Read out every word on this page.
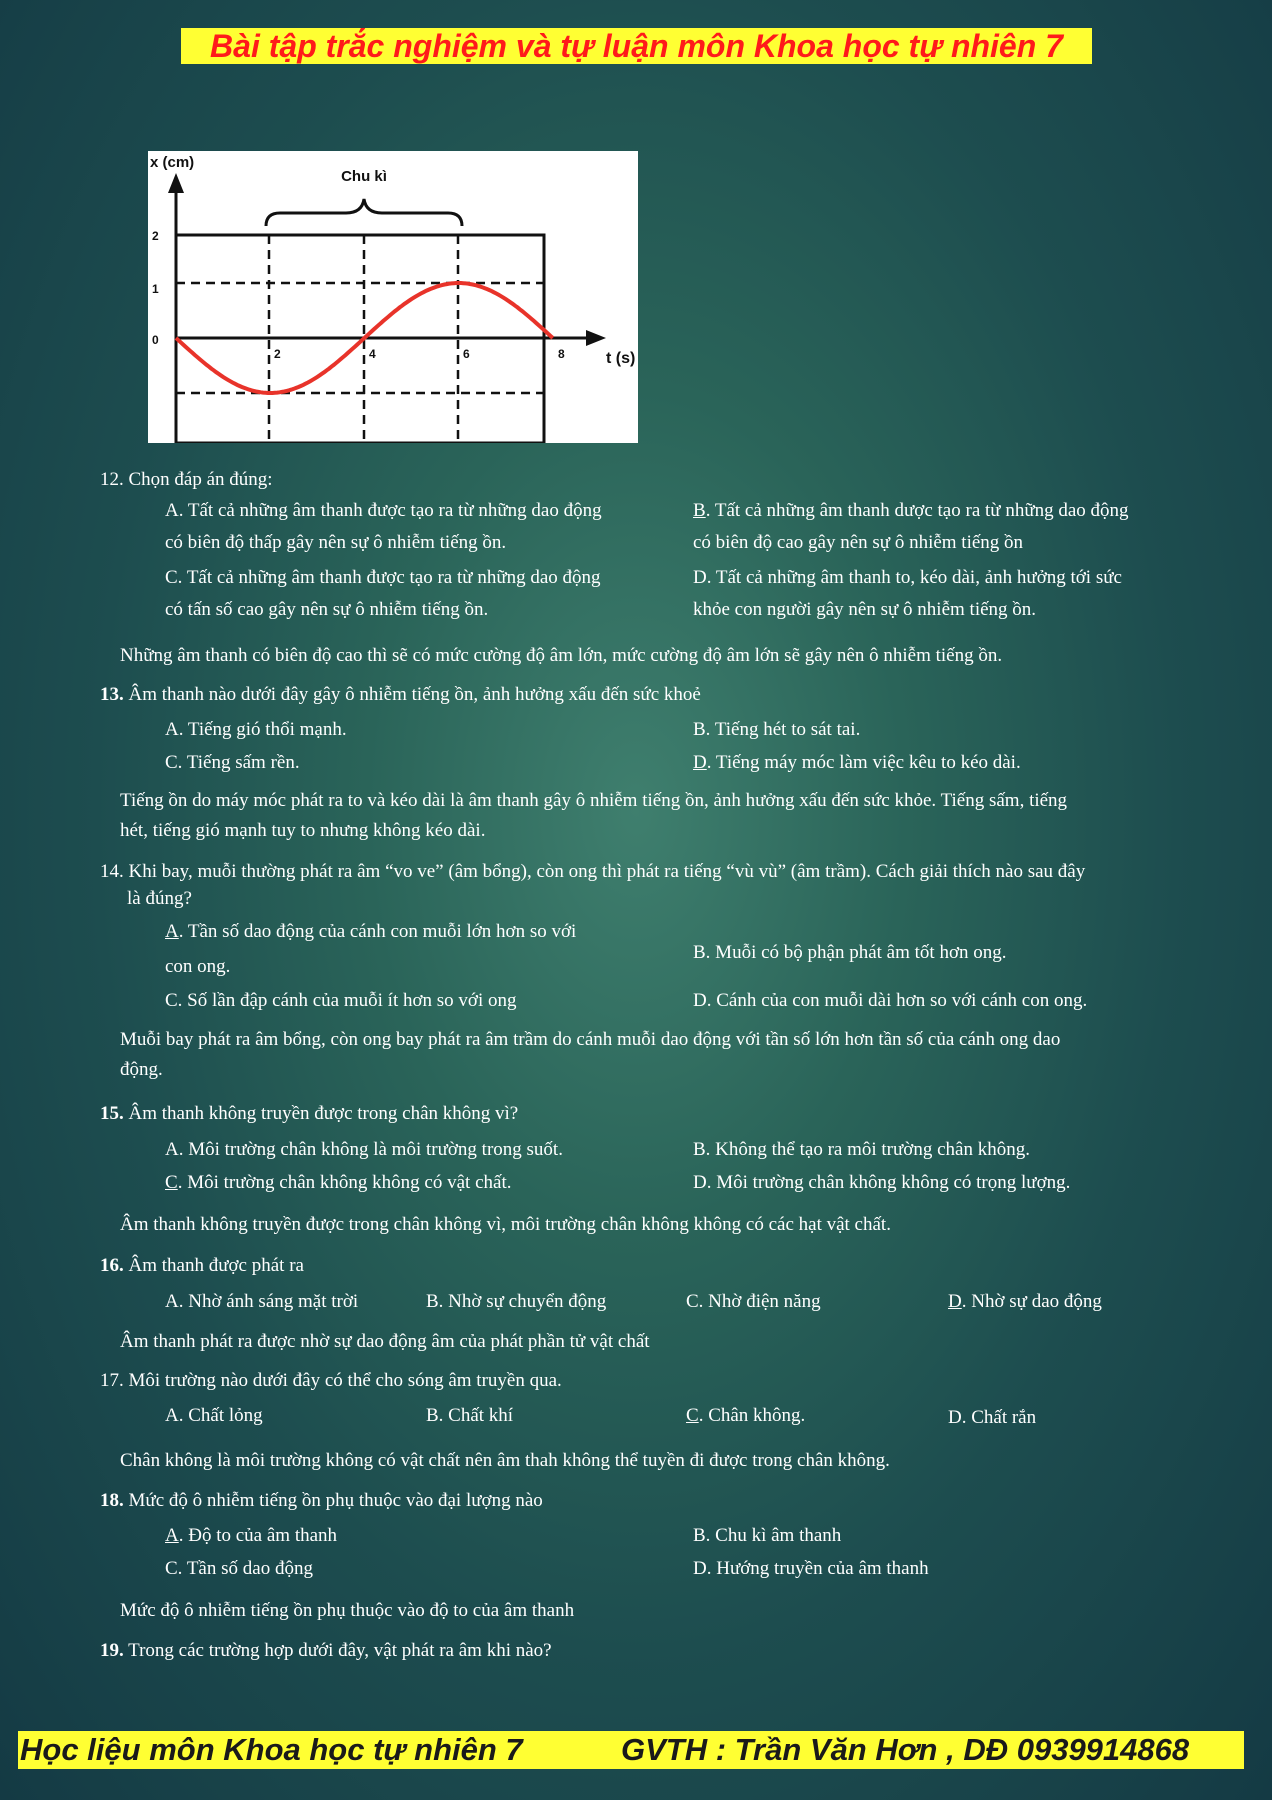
Bài tập trắc nghiệm và tự luận môn Khoa học tự nhiên 7
x (cm)
Chu kì
2
1
0
2	4	6	8	t (s)
12. Chọn đáp án đúng:
A. Tất cả những âm thanh được tạo ra từ những dao động
có biên độ thấp gây nên sự ô nhiễm tiếng ồn.
B. Tất cả những âm thanh dược tạo ra từ những dao động
có biên độ cao gây nên sự ô nhiễm tiếng ồn
C. Tất cả những âm thanh được tạo ra từ những dao động
có tấn số cao gây nên sự ô nhiễm tiếng ồn.
D. Tất cả những âm thanh to, kéo dài, ảnh hưởng tới sức
khỏe con người gây nên sự ô nhiễm tiếng ồn.
Những âm thanh có biên độ cao thì sẽ có mức cường độ âm lớn, mức cường độ âm lớn sẽ gây nên ô nhiễm tiếng ồn.
13. Âm thanh nào dưới đây gây ô nhiễm tiếng ồn, ảnh hưởng xấu đến sức khoẻ
A. Tiếng gió thổi mạnh.	B. Tiếng hét to sát tai.
C. Tiếng sấm rền.	D. Tiếng máy móc làm việc kêu to kéo dài.
Tiếng ồn do máy móc phát ra to và kéo dài là âm thanh gây ô nhiễm tiếng ồn, ảnh hưởng xấu đến sức khỏe. Tiếng sấm, tiếng
hét, tiếng gió mạnh tuy to nhưng không kéo dài.
14. Khi bay, muỗi thường phát ra âm “vo ve” (âm bổng), còn ong thì phát ra tiếng “vù vù” (âm trầm). Cách giải thích nào sau đây
là đúng?
A. Tần số dao động của cánh con muỗi lớn hơn so với
con ong.
B. Muỗi có bộ phận phát âm tốt hơn ong.
C. Số lần đập cánh của muỗi ít hơn so với ong	D. Cánh của con muỗi dài hơn so với cánh con ong.
Muỗi bay phát ra âm bổng, còn ong bay phát ra âm trầm do cánh muỗi dao động với tần số lớn hơn tần số của cánh ong dao
động.
15. Âm thanh không truyền được trong chân không vì?
A. Môi trường chân không là môi trường trong suốt.	B. Không thể tạo ra môi trường chân không.
C. Môi trường chân không không có vật chất.	D. Môi trường chân không không có trọng lượng.
Âm thanh không truyền được trong chân không vì, môi trường chân không không có các hạt vật chất.
16. Âm thanh được phát ra
A. Nhờ ánh sáng mặt trời	B. Nhờ sự chuyển động	C. Nhờ điện năng	D. Nhờ sự dao động
Âm thanh phát ra được nhờ sự dao động âm của phát phần tử vật chất
17. Môi trường nào dưới đây có thể cho sóng âm truyền qua.
A. Chất lỏng	B. Chất khí	C. Chân không.	D. Chất rắn
Chân không là môi trường không có vật chất nên âm thah không thể tuyền đi được trong chân không.
18. Mức độ ô nhiễm tiếng ồn phụ thuộc vào đại lượng nào
A. Độ to của âm thanh	B. Chu kì âm thanh
C. Tần số dao động	D. Hướng truyền của âm thanh
Mức độ ô nhiễm tiếng ồn phụ thuộc vào độ to của âm thanh
19. Trong các trường hợp dưới đây, vật phát ra âm khi nào?
Học liệu môn Khoa học tự nhiên 7	GVTH : Trần Văn Hơn , DĐ 0939914868
